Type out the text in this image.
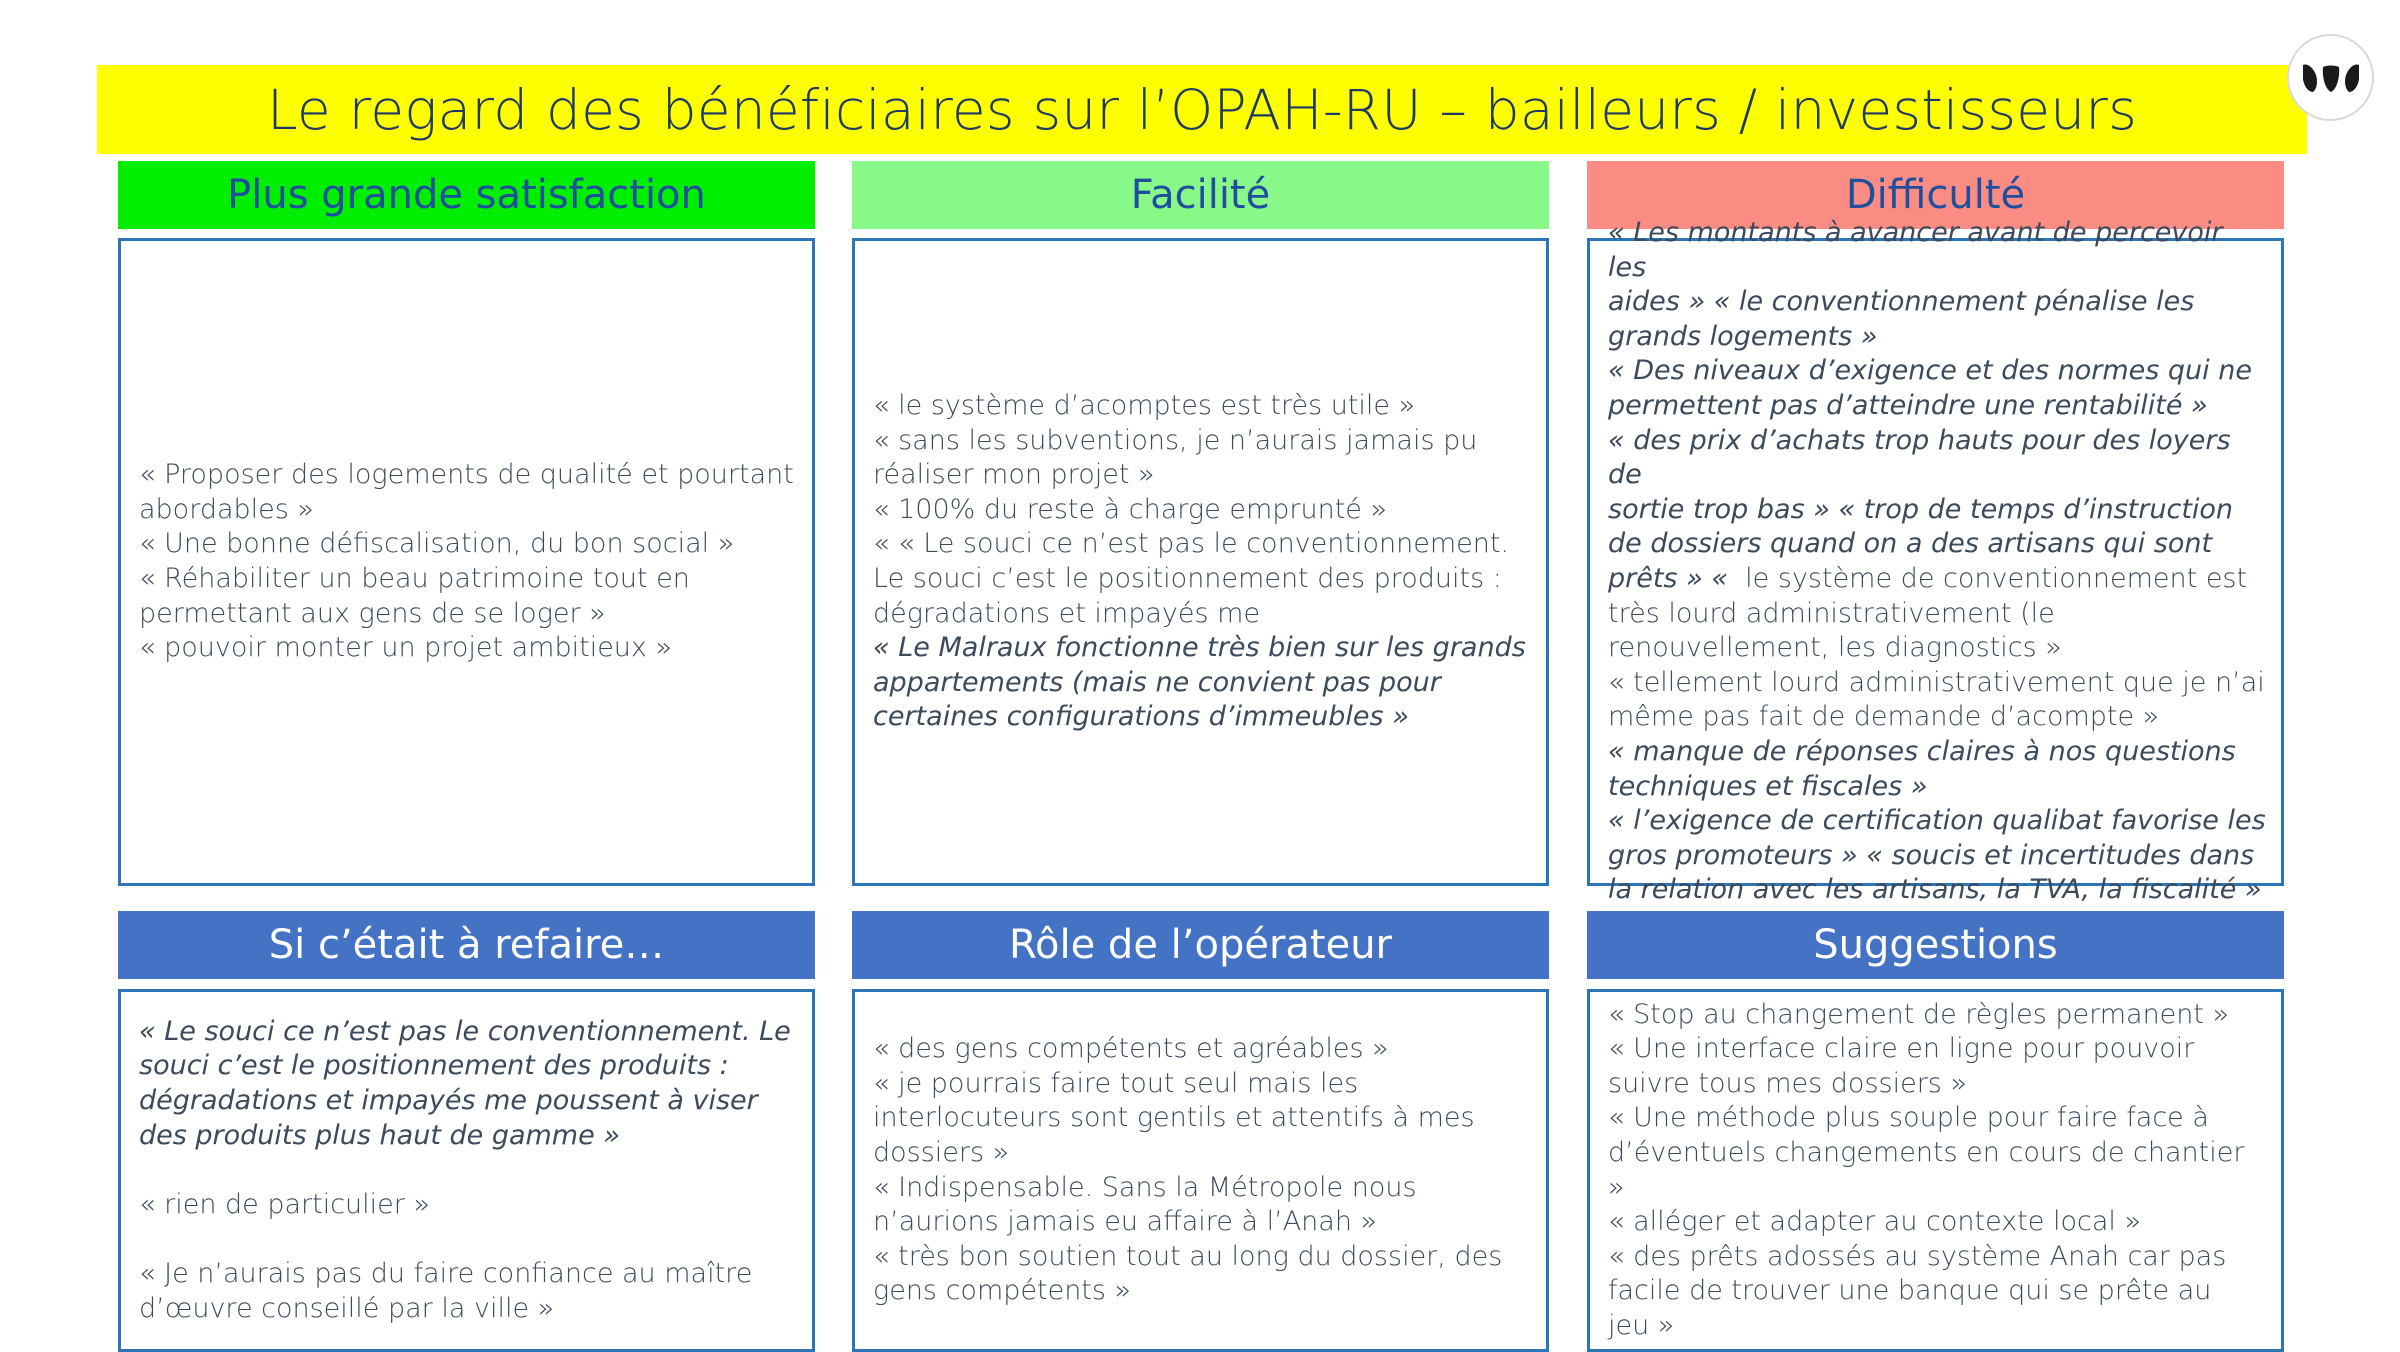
Le regard des bénéficiaires sur l’OPAH-RU – bailleurs / investisseurs
Plus grande satisfaction	Facilité	Difficulté
« Proposer des logements de qualité et pourtant
abordables »
« Une bonne défiscalisation, du bon social »
« Réhabiliter un beau patrimoine tout en
permettant aux gens de se loger »
« pouvoir monter un projet ambitieux »
« le système d’acomptes est très utile »
« sans les subventions, je n’aurais jamais pu
réaliser mon projet »
« 100% du reste à charge emprunté »
« « Le souci ce n’est pas le conventionnement.
Le souci c’est le positionnement des produits :
dégradations et impayés me
« Le Malraux fonctionne très bien sur les grands
appartements (mais ne convient pas pour
certaines configurations d’immeubles »
« Les montants à avancer avant de percevoir les
aides » « le conventionnement pénalise les
grands logements »
« Des niveaux d’exigence et des normes qui ne
permettent pas d’atteindre une rentabilité »
« des prix d’achats trop hauts pour des loyers de
sortie trop bas » « trop de temps d’instruction
de dossiers quand on a des artisans qui sont
prêts » «  le système de conventionnement est
très lourd administrativement (le
renouvellement, les diagnostics »
« tellement lourd administrativement que je n’ai
même pas fait de demande d’acompte »
« manque de réponses claires à nos questions
techniques et fiscales »
« l’exigence de certification qualibat favorise les
gros promoteurs » « soucis et incertitudes dans
la relation avec les artisans, la TVA, la fiscalité »
Si c’était à refaire…	Rôle de l’opérateur	Suggestions
« Le souci ce n’est pas le conventionnement. Le
souci c’est le positionnement des produits :
dégradations et impayés me poussent à viser
des produits plus haut de gamme »
« rien de particulier »
« Je n’aurais pas du faire confiance au maître
d’œuvre conseillé par la ville »
« des gens compétents et agréables »
« je pourrais faire tout seul mais les
interlocuteurs sont gentils et attentifs à mes
dossiers »
« Indispensable. Sans la Métropole nous
n’aurions jamais eu affaire à l’Anah »
« très bon soutien tout au long du dossier, des
gens compétents »
« Stop au changement de règles permanent »
« Une interface claire en ligne pour pouvoir
suivre tous mes dossiers »
« Une méthode plus souple pour faire face à
d’éventuels changements en cours de chantier »
« alléger et adapter au contexte local »
« des prêts adossés au système Anah car pas
facile de trouver une banque qui se prête au
jeu »
